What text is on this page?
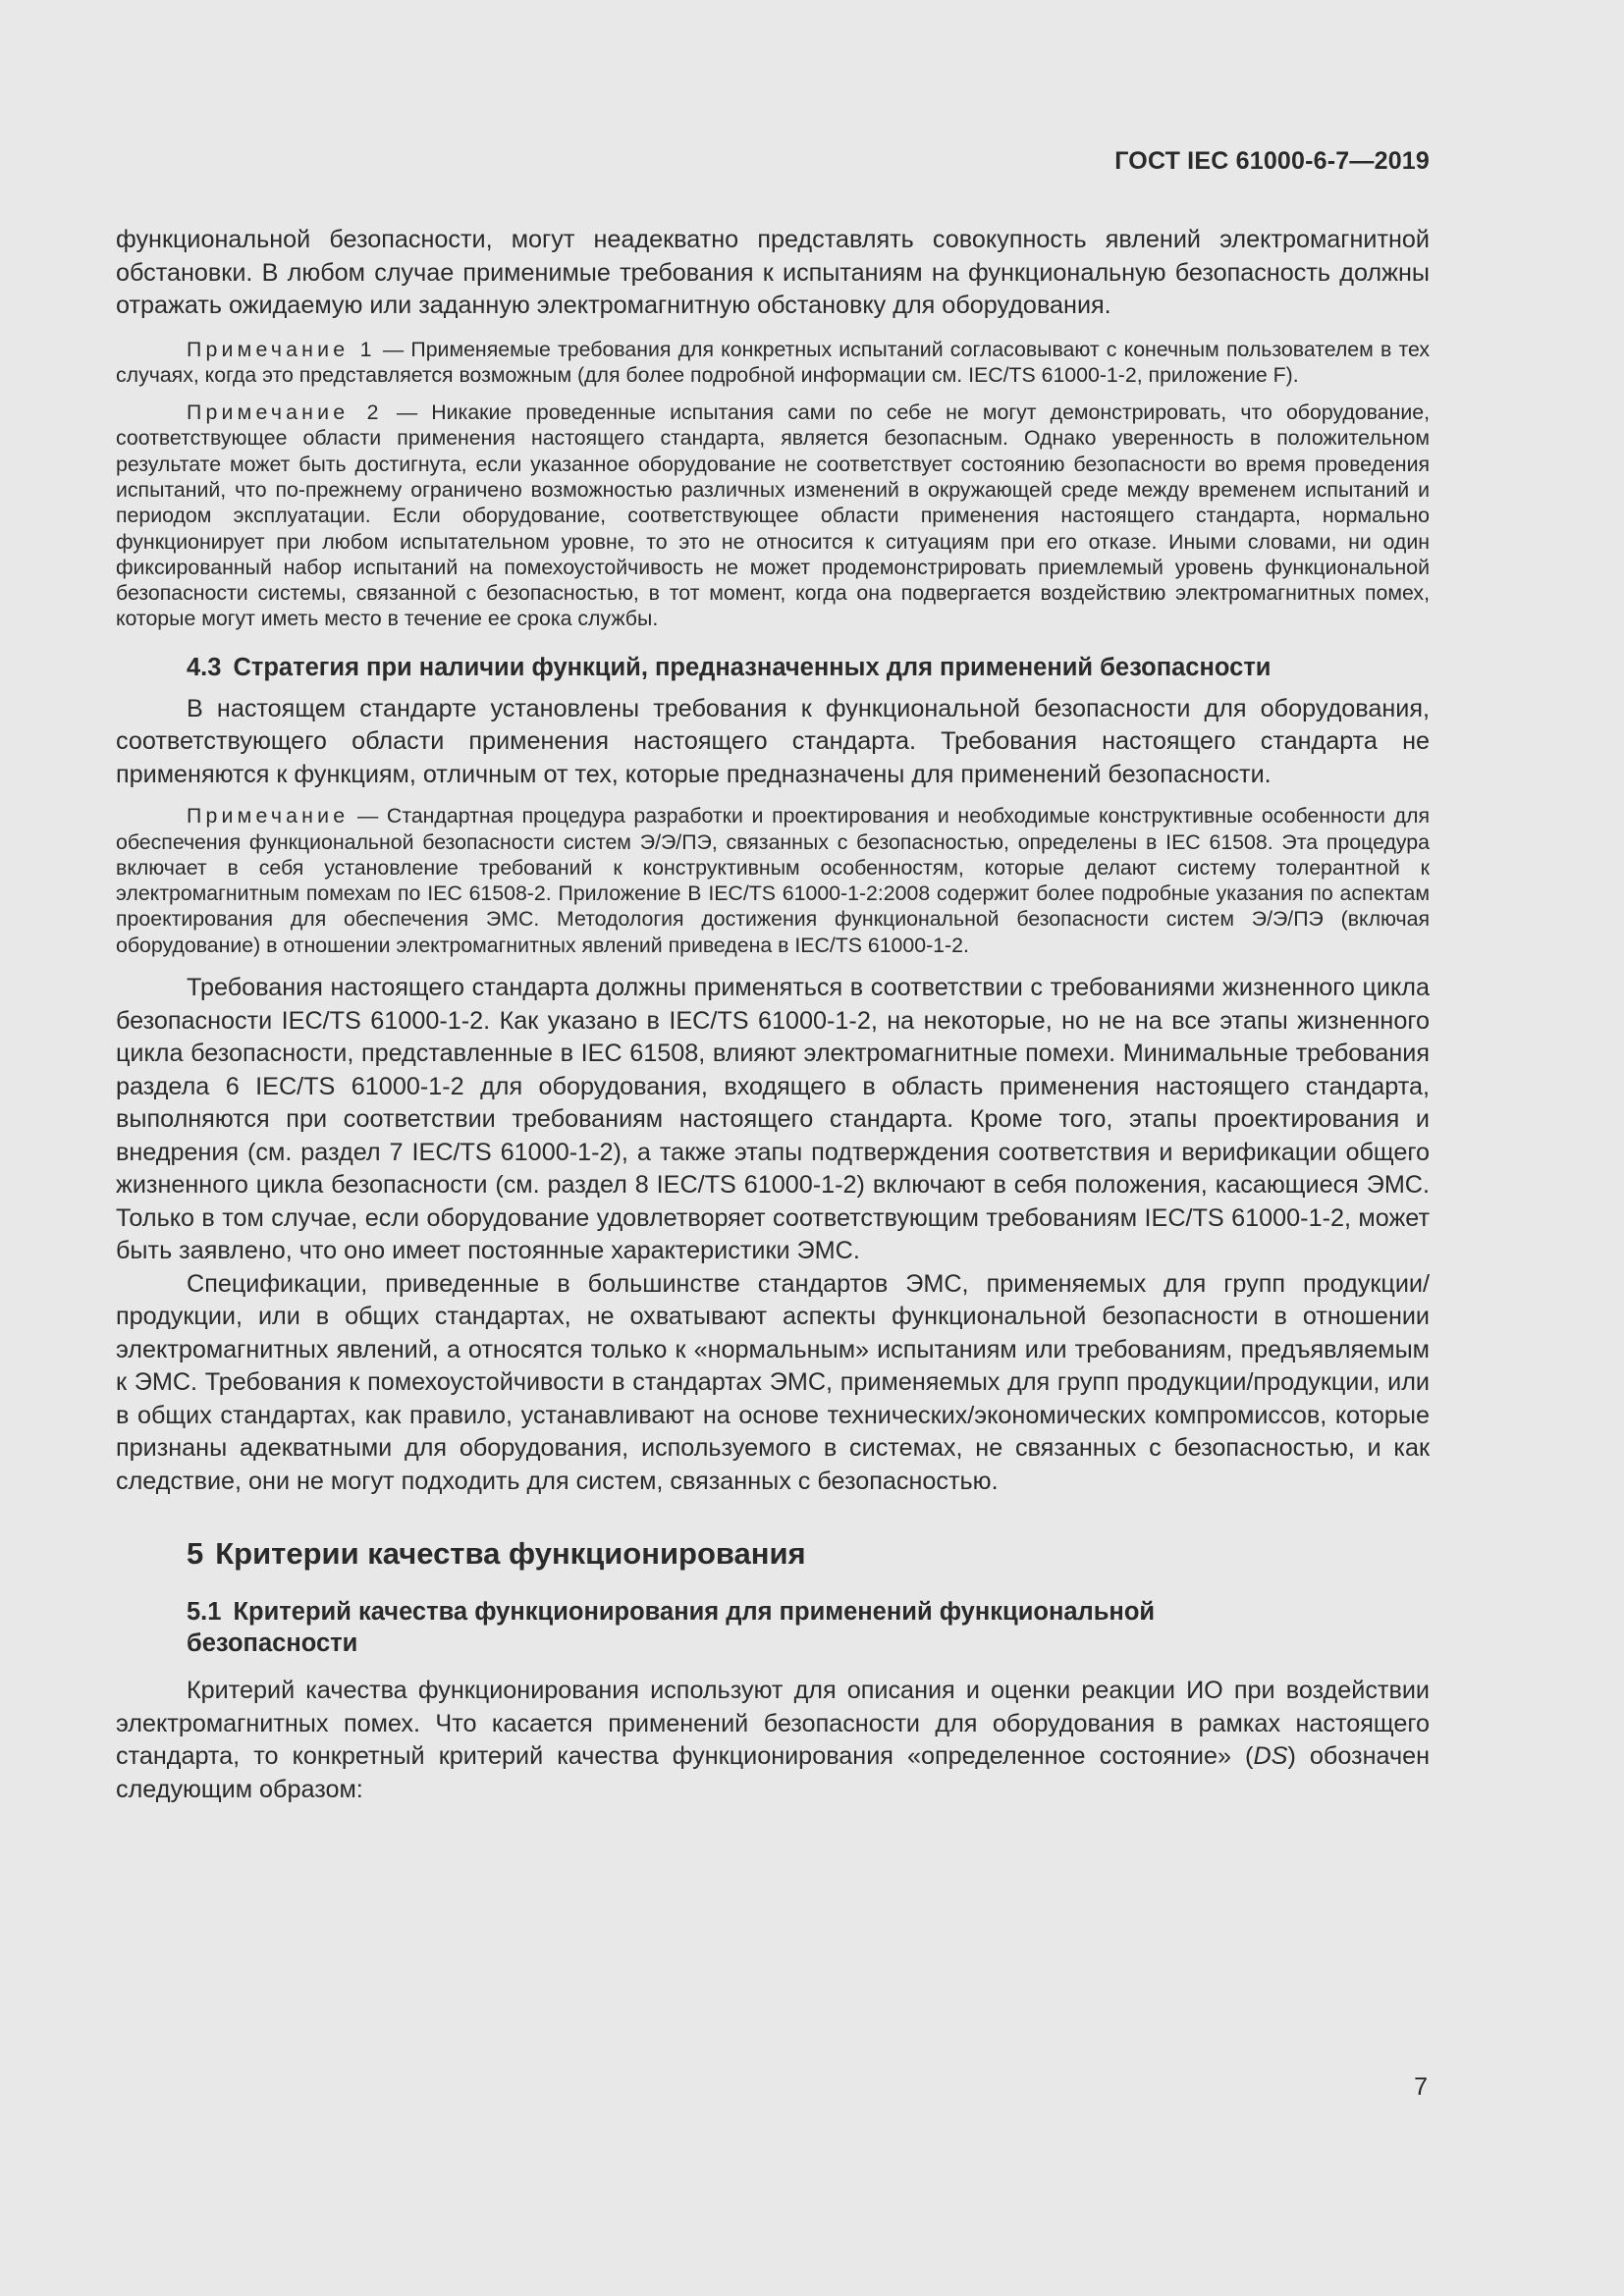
ГОСТ IEC 61000-6-7—2019

функциональной безопасности, могут неадекватно представлять совокупность явлений электромагнитной обстановки. В любом случае применимые требования к испытаниям на функциональную безопасность должны отражать ожидаемую или заданную электромагнитную обстановку для оборудования.

Примечание 1 — Применяемые требования для конкретных испытаний согласовывают с конечным пользователем в тех случаях, когда это представляется возможным (для более подробной информации см. IEC/TS 61000-1-2, приложение F).

Примечание 2 — Никакие проведенные испытания сами по себе не могут демонстрировать, что оборудование, соответствующее области применения настоящего стандарта, является безопасным. Однако уверенность в положительном результате может быть достигнута, если указанное оборудование не соответствует состоянию безопасности во время проведения испытаний, что по-прежнему ограничено возможностью различных изменений в окружающей среде между временем испытаний и периодом эксплуатации. Если оборудование, соответствующее области применения настоящего стандарта, нормально функционирует при любом испытательном уровне, то это не относится к ситуациям при его отказе. Иными словами, ни один фиксированный набор испытаний на помехоустойчивость не может продемонстрировать приемлемый уровень функциональной безопасности системы, связанной с безопасностью, в тот момент, когда она подвергается воздействию электромагнитных помех, которые могут иметь место в течение ее срока службы.

4.3 Стратегия при наличии функций, предназначенных для применений безопасности

В настоящем стандарте установлены требования к функциональной безопасности для оборудования, соответствующего области применения настоящего стандарта. Требования настоящего стандарта не применяются к функциям, отличным от тех, которые предназначены для применений безопасности.

Примечание — Стандартная процедура разработки и проектирования и необходимые конструктивные особенности для обеспечения функциональной безопасности систем Э/Э/ПЭ, связанных с безопасностью, определены в IEC 61508. Эта процедура включает в себя установление требований к конструктивным особенностям, которые делают систему толерантной к электромагнитным помехам по IEC 61508-2. Приложение B IEC/TS 61000-1-2:2008 содержит более подробные указания по аспектам проектирования для обеспечения ЭМС. Методология достижения функциональной безопасности систем Э/Э/ПЭ (включая оборудование) в отношении электромагнитных явлений приведена в IEC/TS 61000-1-2.

Требования настоящего стандарта должны применяться в соответствии с требованиями жизненного цикла безопасности IEC/TS 61000-1-2. Как указано в IEC/TS 61000-1-2, на некоторые, но не на все этапы жизненного цикла безопасности, представленные в IEC 61508, влияют электромагнитные помехи. Минимальные требования раздела 6 IEC/TS 61000-1-2 для оборудования, входящего в область применения настоящего стандарта, выполняются при соответствии требованиям настоящего стандарта. Кроме того, этапы проектирования и внедрения (см. раздел 7 IEC/TS 61000-1-2), а также этапы подтверждения соответствия и верификации общего жизненного цикла безопасности (см. раздел 8 IEC/TS 61000-1-2) включают в себя положения, касающиеся ЭМС. Только в том случае, если оборудование удовлетворяет соответствующим требованиям IEC/TS 61000-1-2, может быть заявлено, что оно имеет постоянные характеристики ЭМС.

Спецификации, приведенные в большинстве стандартов ЭМС, применяемых для групп продукции/продукции, или в общих стандартах, не охватывают аспекты функциональной безопасности в отношении электромагнитных явлений, а относятся только к «нормальным» испытаниям или требованиям, предъявляемым к ЭМС. Требования к помехоустойчивости в стандартах ЭМС, применяемых для групп продукции/продукции, или в общих стандартах, как правило, устанавливают на основе технических/экономических компромиссов, которые признаны адекватными для оборудования, используемого в системах, не связанных с безопасностью, и как следствие, они не могут подходить для систем, связанных с безопасностью.

5 Критерии качества функционирования

5.1 Критерий качества функционирования для применений функциональной
безопасности

Критерий качества функционирования используют для описания и оценки реакции ИО при воздействии электромагнитных помех. Что касается применений безопасности для оборудования в рамках настоящего стандарта, то конкретный критерий качества функционирования «определенное состояние» (DS) обозначен следующим образом:

7
